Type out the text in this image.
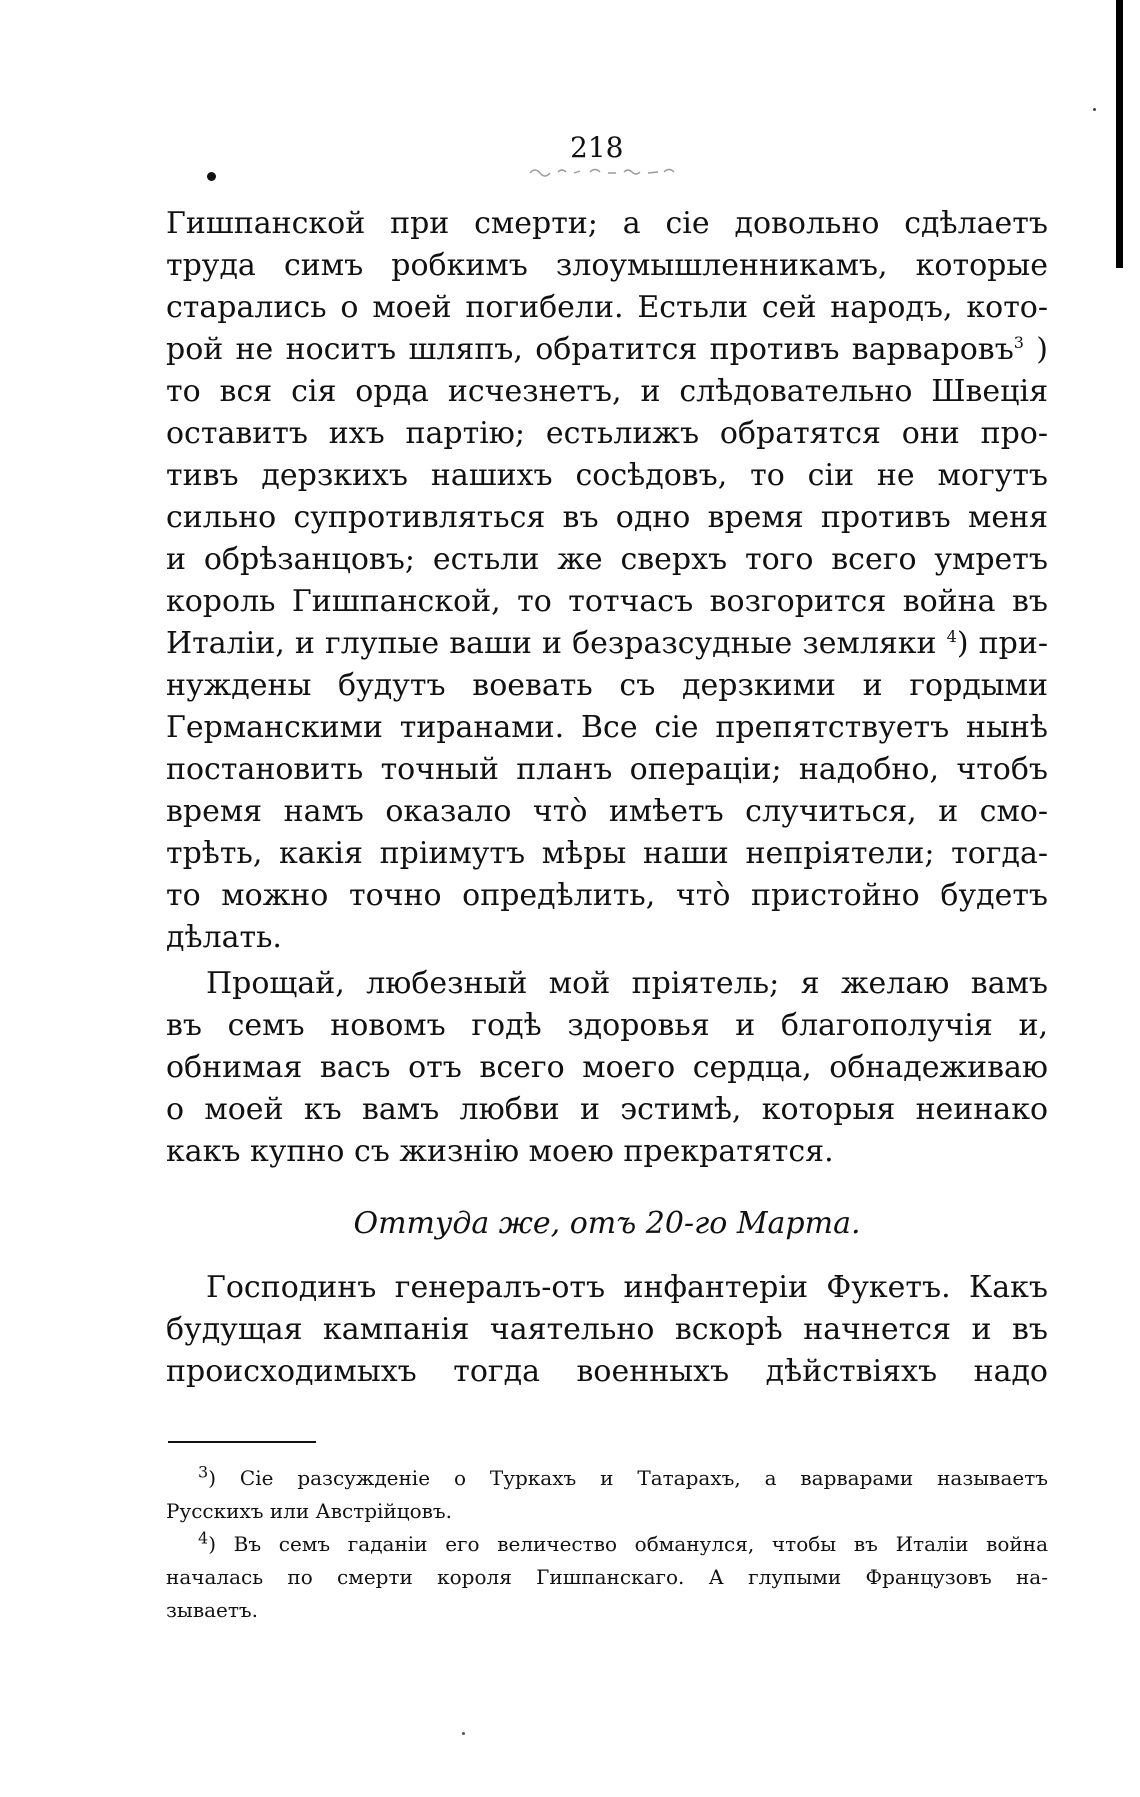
218
Гишпанской при смерти; а сіе довольно сдѣлаетъ
труда симъ робкимъ злоумышленникамъ, которые
старались о моей погибели. Естьли сей народъ, кото-
рой не носитъ шляпъ, обратится противъ варваровъ$^3$ )
то вся сія орда исчезнетъ, и слѣдовательно Швеція
оставитъ ихъ партію; естьлижъ обратятся они про-
тивъ дерзкихъ нашихъ сосѣдовъ, то сіи не могутъ
сильно супротивляться въ одно время противъ меня
и обрѣзанцовъ; естьли же сверхъ того всего умретъ
король Гишпанской, то тотчасъ возгорится война въ
Италіи, и глупые ваши и безразсудные земляки $^4$) при-
нуждены будутъ воевать съ дерзкими и гордыми
Германскими тиранами. Все сіе препятствуетъ нынѣ
постановить точный планъ операціи; надобно, чтобъ
время намъ оказало что̀ имѣетъ случиться, и смо-
трѣть, какія пріимутъ мѣры наши непріятели; тогда-
то можно точно опредѣлить, что̀ пристойно будетъ
дѣлать.
Прощай, любезный мой пріятель; я желаю вамъ
въ семъ новомъ годѣ здоровья и благополучія и,
обнимая васъ отъ всего моего сердца, обнадеживаю
о моей къ вамъ любви и эстимѣ, которыя неинако
какъ купно съ жизнію моею прекратятся.
Оттуда же, отъ 20-го Марта.
Господинъ генералъ-отъ инфантеріи Фукетъ. Какъ
будущая кампанія чаятельно вскорѣ начнется и въ
происходимыхъ тогда военныхъ дѣйствіяхъ надо
$^3$) Сіе разсужденіе о Туркахъ и Татарахъ, а варварами называетъ
Русскихъ или Австрійцовъ.
$^4$) Въ семъ гаданіи его величество обманулся, чтобы въ Италіи война
началась по смерти короля Гишпанскаго. А глупыми Французовъ на-
зываетъ.
